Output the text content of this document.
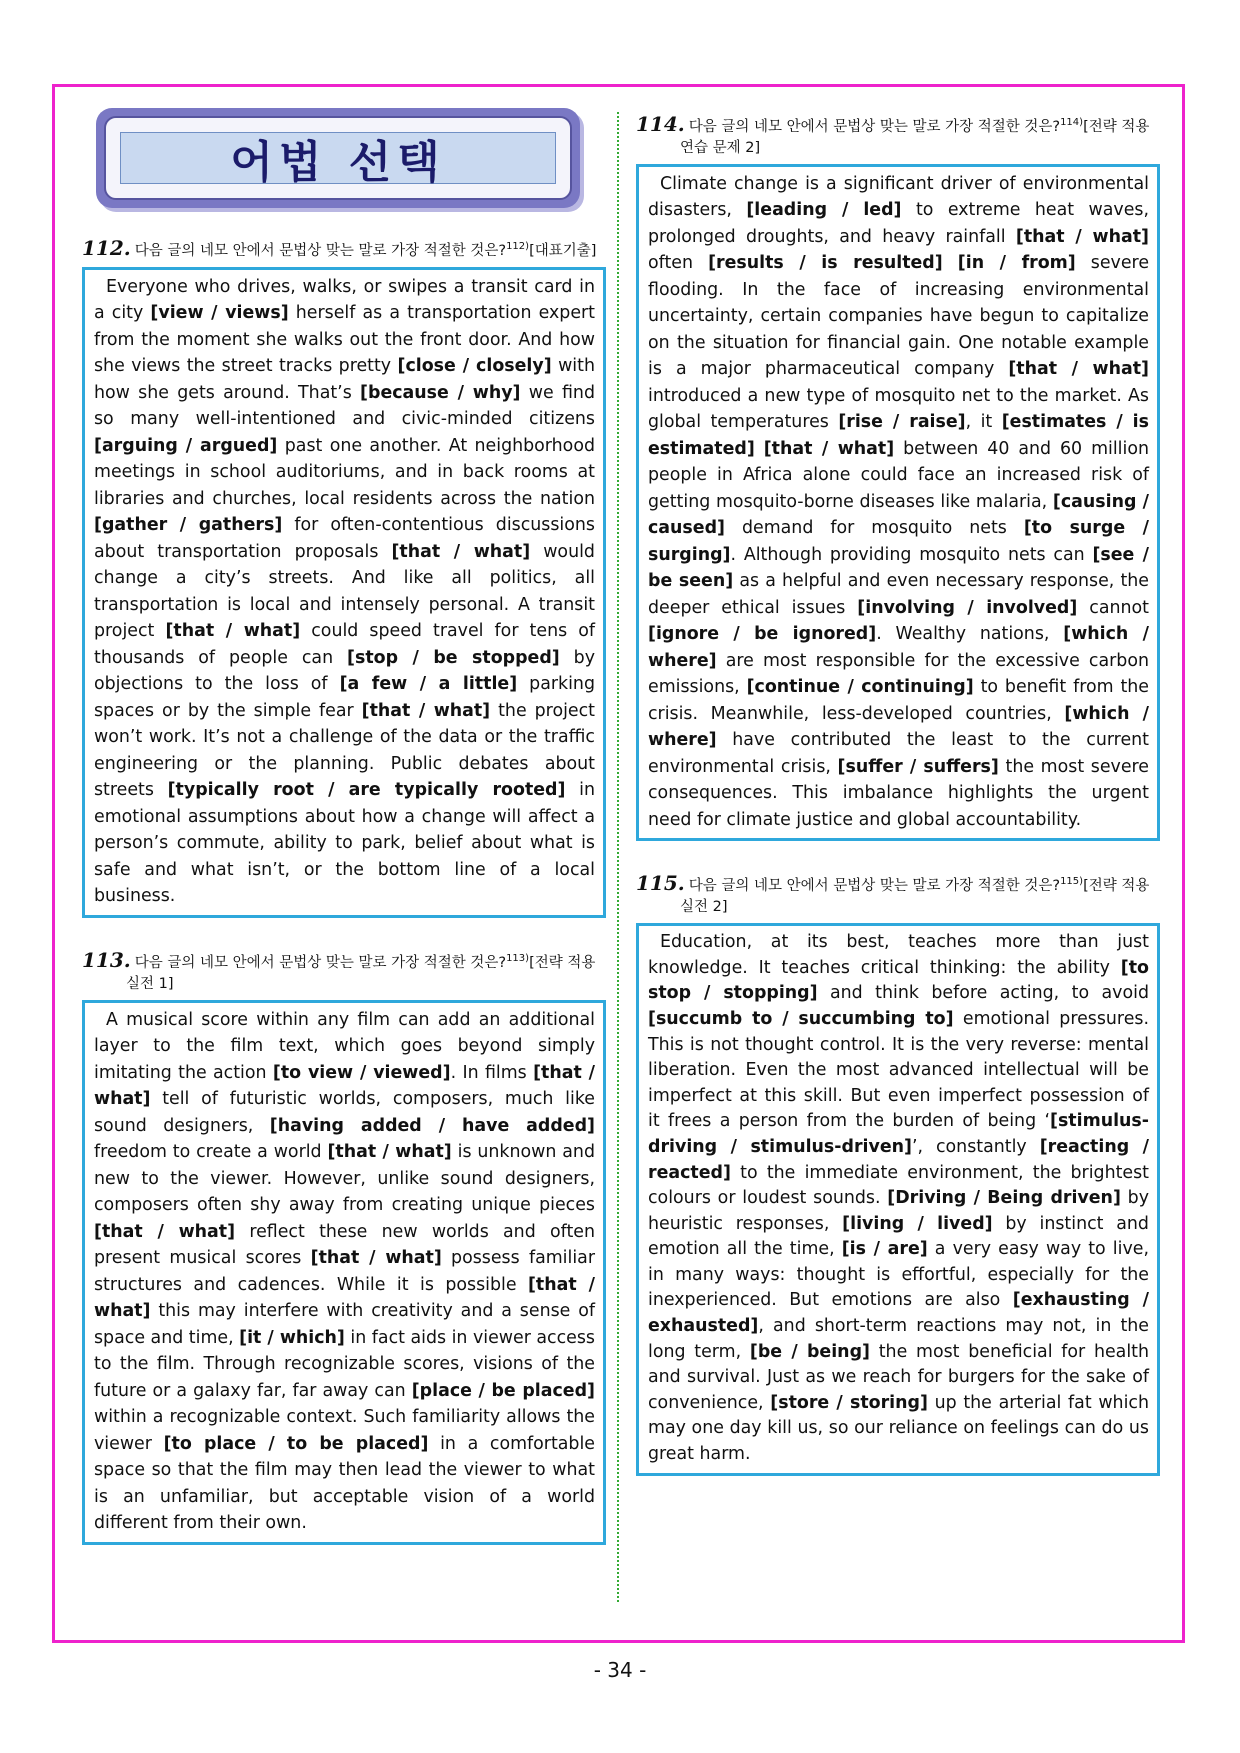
어법 선택
112. 다음 글의 네모 안에서 문법상 맞는 말로 가장 적절한 것은?$^{112)}$[대표기출]

Everyone who drives, walks, or swipes a transit card in a city [view / views] herself as a transportation expert from the moment she walks out the front door. And how she views the street tracks pretty [close / closely] with how she gets around. That’s [because / why] we find so many well-intentioned and civic-minded citizens [arguing / argued] past one another. At neighborhood meetings in school auditoriums, and in back rooms at libraries and churches, local residents across the nation [gather / gathers] for often-contentious discussions about transportation proposals [that / what] would change a city’s streets. And like all politics, all transportation is local and intensely personal. A transit project [that / what] could speed travel for tens of thousands of people can [stop / be stopped] by objections to the loss of [a few / a little] parking spaces or by the simple fear [that / what] the project won’t work. It’s not a challenge of the data or the traffic engineering or the planning. Public debates about streets [typically root / are typically rooted] in emotional assumptions about how a change will affect a person’s commute, ability to park, belief about what is safe and what isn’t, or the bottom line of a local business.

113. 다음 글의 네모 안에서 문법상 맞는 말로 가장 적절한 것은?$^{113)}$[전략 적용 실전 1]

A musical score within any film can add an additional layer to the film text, which goes beyond simply imitating the action [to view / viewed]. In films [that / what] tell of futuristic worlds, composers, much like sound designers, [having added / have added] freedom to create a world [that / what] is unknown and new to the viewer. However, unlike sound designers, composers often shy away from creating unique pieces [that / what] reflect these new worlds and often present musical scores [that / what] possess familiar structures and cadences. While it is possible [that / what] this may interfere with creativity and a sense of space and time, [it / which] in fact aids in viewer access to the film. Through recognizable scores, visions of the future or a galaxy far, far away can [place / be placed] within a recognizable context. Such familiarity allows the viewer [to place / to be placed] in a comfortable space so that the film may then lead the viewer to what is an unfamiliar, but acceptable vision of a world different from their own.

114. 다음 글의 네모 안에서 문법상 맞는 말로 가장 적절한 것은?$^{114)}$[전략 적용 연습 문제 2]

Climate change is a significant driver of environmental disasters, [leading / led] to extreme heat waves, prolonged droughts, and heavy rainfall [that / what] often [results / is resulted] [in / from] severe flooding. In the face of increasing environmental uncertainty, certain companies have begun to capitalize on the situation for financial gain. One notable example is a major pharmaceutical company [that / what] introduced a new type of mosquito net to the market. As global temperatures [rise / raise], it [estimates / is estimated] [that / what] between 40 and 60 million people in Africa alone could face an increased risk of getting mosquito-borne diseases like malaria, [causing / caused] demand for mosquito nets [to surge / surging]. Although providing mosquito nets can [see / be seen] as a helpful and even necessary response, the deeper ethical issues [involving / involved] cannot [ignore / be ignored]. Wealthy nations, [which / where] are most responsible for the excessive carbon emissions, [continue / continuing] to benefit from the crisis. Meanwhile, less-developed countries, [which / where] have contributed the least to the current environmental crisis, [suffer / suffers] the most severe consequences. This imbalance highlights the urgent need for climate justice and global accountability.

115. 다음 글의 네모 안에서 문법상 맞는 말로 가장 적절한 것은?$^{115)}$[전략 적용 실전 2]

Education, at its best, teaches more than just knowledge. It teaches critical thinking: the ability [to stop / stopping] and think before acting, to avoid [succumb to / succumbing to] emotional pressures. This is not thought control. It is the very reverse: mental liberation. Even the most advanced intellectual will be imperfect at this skill. But even imperfect possession of it frees a person from the burden of being ‘[stimulus-driving / stimulus-driven]’, constantly [reacting / reacted] to the immediate environment, the brightest colours or loudest sounds. [Driving / Being driven] by heuristic responses, [living / lived] by instinct and emotion all the time, [is / are] a very easy way to live, in many ways: thought is effortful, especially for the inexperienced. But emotions are also [exhausting / exhausted], and short-term reactions may not, in the long term, [be / being] the most beneficial for health and survival. Just as we reach for burgers for the sake of convenience, [store / storing] up the arterial fat which may one day kill us, so our reliance on feelings can do us great harm.

- 34 -
